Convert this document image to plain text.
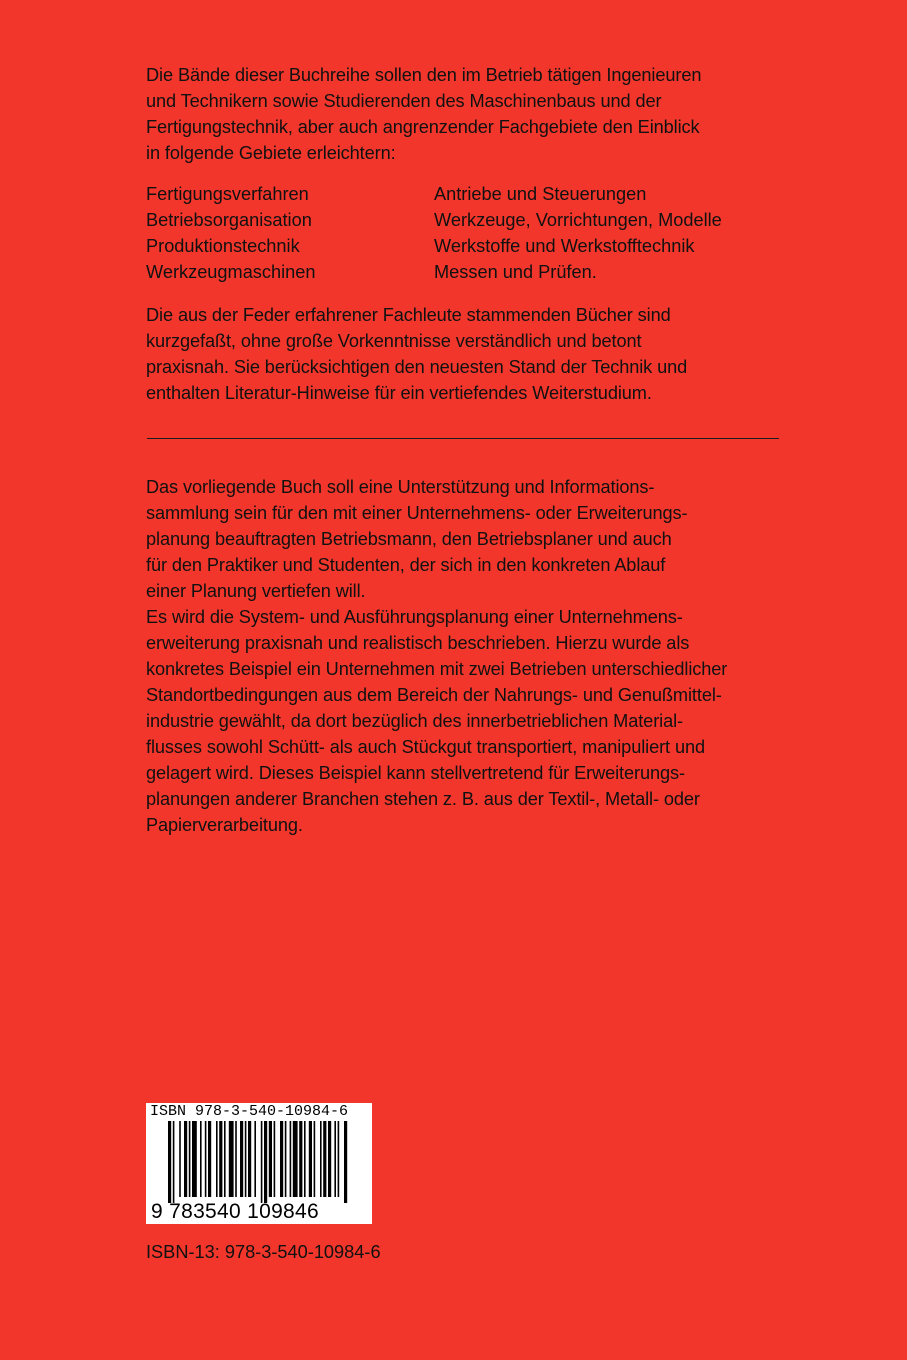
Die Bände dieser Buchreihe sollen den im Betrieb tätigen Ingenieuren
und Technikern sowie Studierenden des Maschinenbaus und der
Fertigungstechnik, aber auch angrenzender Fachgebiete den Einblick
in folgende Gebiete erleichtern:
Fertigungsverfahren
Betriebsorganisation
Produktionstechnik
Werkzeugmaschinen
Antriebe und Steuerungen
Werkzeuge, Vorrichtungen, Modelle
Werkstoffe und Werkstofftechnik
Messen und Prüfen.
Die aus der Feder erfahrener Fachleute stammenden Bücher sind
kurzgefaßt, ohne große Vorkenntnisse verständlich und betont
praxisnah. Sie berücksichtigen den neuesten Stand der Technik und
enthalten Literatur-Hinweise für ein vertiefendes Weiterstudium.
Das vorliegende Buch soll eine Unterstützung und Informations-
sammlung sein für den mit einer Unternehmens- oder Erweiterungs-
planung beauftragten Betriebsmann, den Betriebsplaner und auch
für den Praktiker und Studenten, der sich in den konkreten Ablauf
einer Planung vertiefen will.
Es wird die System- und Ausführungsplanung einer Unternehmens-
erweiterung praxisnah und realistisch beschrieben. Hierzu wurde als
konkretes Beispiel ein Unternehmen mit zwei Betrieben unterschiedlicher
Standortbedingungen aus dem Bereich der Nahrungs- und Genußmittel-
industrie gewählt, da dort bezüglich des innerbetrieblichen Material-
flusses sowohl Schütt- als auch Stückgut transportiert, manipuliert und
gelagert wird. Dieses Beispiel kann stellvertretend für Erweiterungs-
planungen anderer Branchen stehen z. B. aus der Textil-, Metall- oder
Papierverarbeitung.
ISBN 978-3-540-10984-6
9 783540 109846
ISBN-13: 978-3-540-10984-6
